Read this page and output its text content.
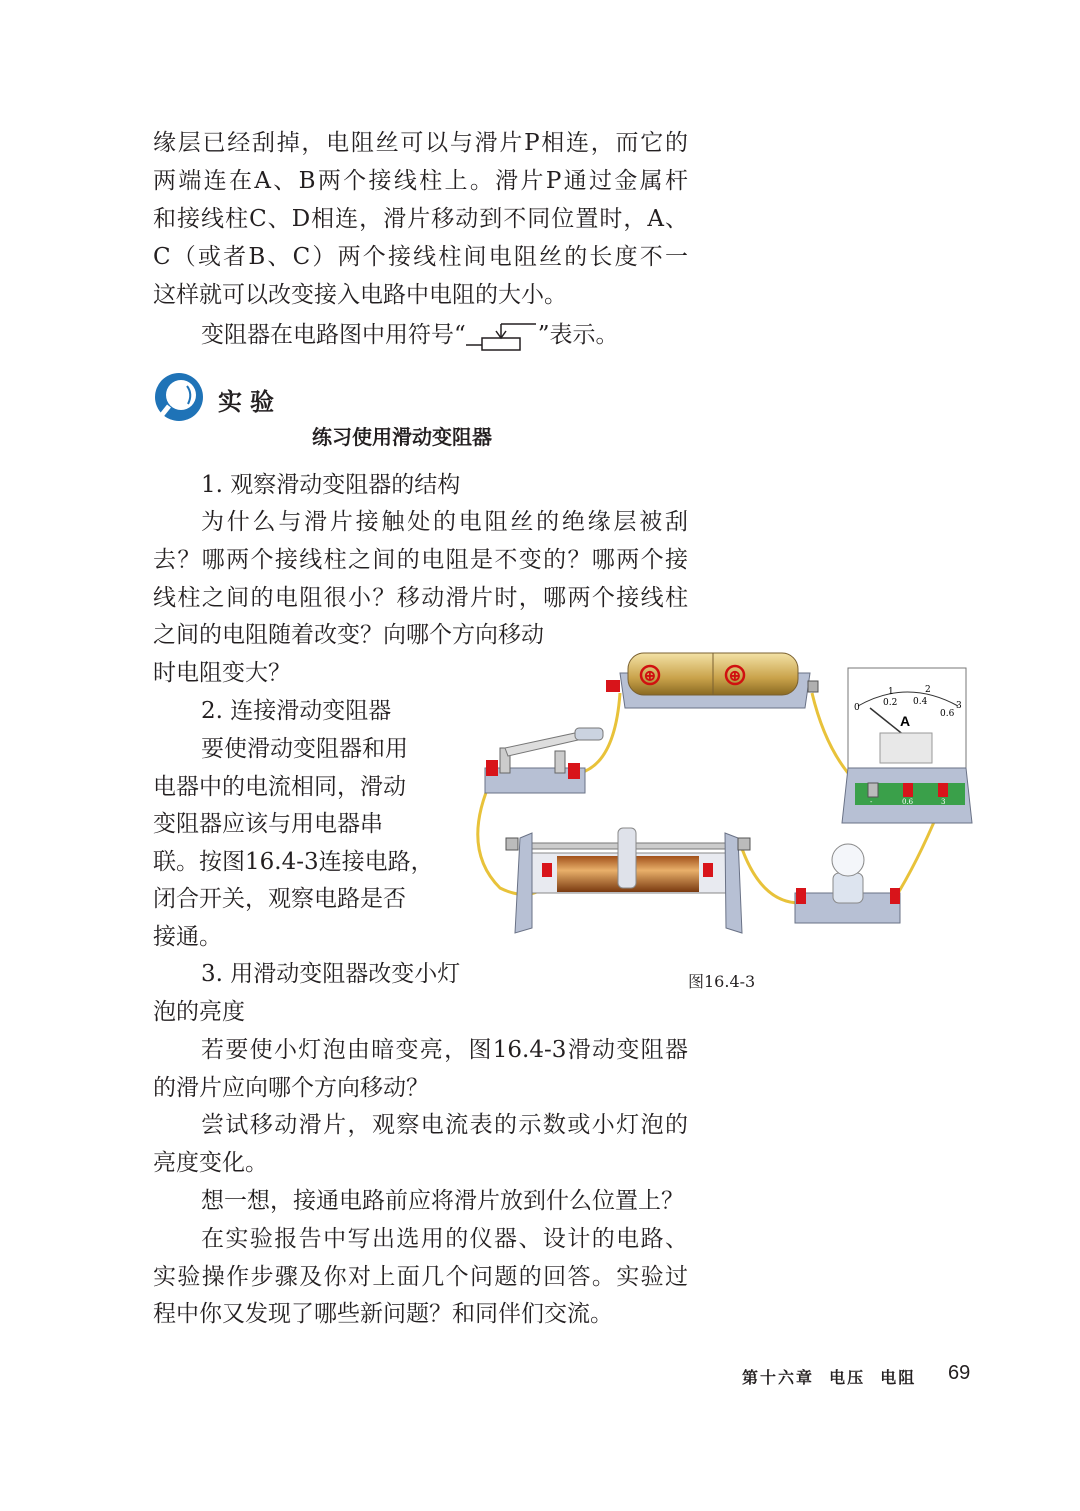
缘层已经刮掉，电阻丝可以与滑片P相连，而它的
两端连在A、B两个接线柱上。滑片P通过金属杆
和接线柱C、D相连，滑片移动到不同位置时，A、
C（或者B、C）两个接线柱间电阻丝的长度不一
这样就可以改变接入电路中电阻的大小。
变阻器在电路图中用符号“	”表示。
实验
练习使用滑动变阻器
1. 观察滑动变阻器的结构
为什么与滑片接触处的电阻丝的绝缘层被刮
去？哪两个接线柱之间的电阻是不变的？哪两个接
线柱之间的电阻很小？移动滑片时，哪两个接线柱
之间的电阻随着改变？向哪个方向移动
时电阻变大？
2. 连接滑动变阻器
要使滑动变阻器和用
电器中的电流相同，滑动
变阻器应该与用电器串
联。按图16.4-3连接电路，
闭合开关，观察电路是否
接通。
3. 用滑动变阻器改变小灯
泡的亮度
若要使小灯泡由暗变亮，图16.4-3滑动变阻器
的滑片应向哪个方向移动？
尝试移动滑片，观察电流表的示数或小灯泡的
亮度变化。
想一想，接通电路前应将滑片放到什么位置上？
在实验报告中写出选用的仪器、设计的电路、
实验操作步骤及你对上面几个问题的回答。实验过
程中你又发现了哪些新问题？和同伴们交流。
⊕	⊕
1	2
3
0	0.2 0.4
0.6
A
-	0.6	3
图16.4-3
第十六章  电压  电阻 69
